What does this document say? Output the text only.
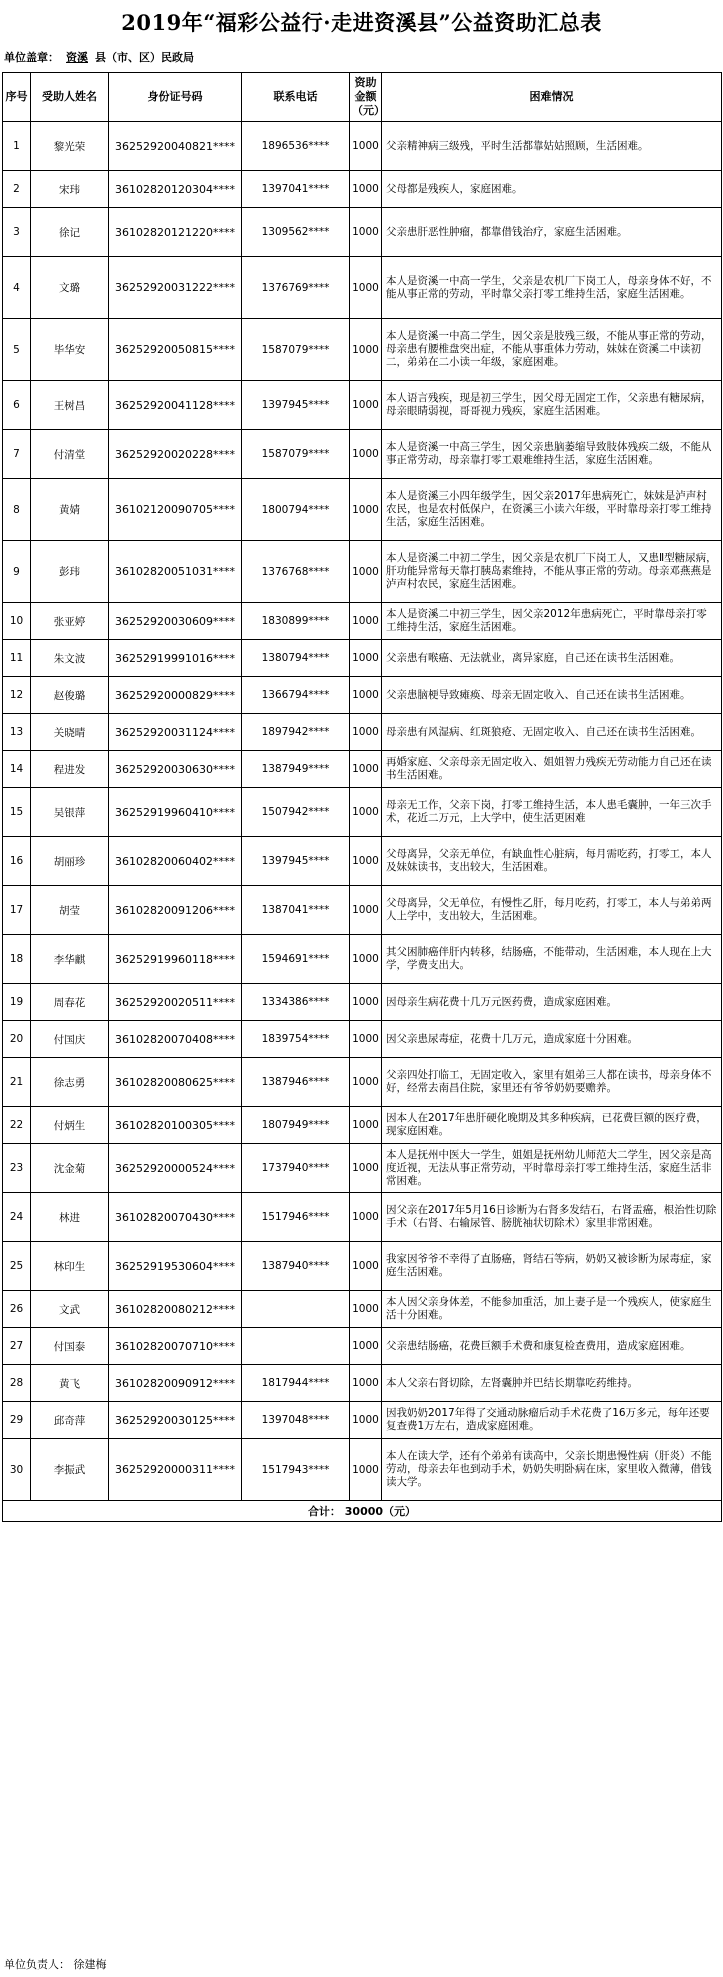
2019年“福彩公益行·走进资溪县”公益资助汇总表
单位盖章： 资溪 县（市、区）民政局
序号	受助人姓名	身份证号码	联系电话	资助金额（元）	困难情况
1	黎光荣	36252920040821****	1896536****	1000	父亲精神病三级残，平时生活都靠姑姑照顾，生活困难。
2	宋玮	36102820120304****	1397041****	1000	父母都是残疾人，家庭困难。
3	徐记	36102820121220****	1309562****	1000	父亲患肝恶性肿瘤，都靠借钱治疗，家庭生活困难。
4	文璐	36252920031222****	1376769****	1000	本人是资溪一中高一学生，父亲是农机厂下岗工人，母亲身体不好，不能从事正常的劳动，平时靠父亲打零工维持生活，家庭生活困难。
5	毕华安	36252920050815****	1587079****	1000	本人是资溪一中高二学生，因父亲是肢残三级，不能从事正常的劳动，母亲患有腰椎盘突出症，不能从事重体力劳动，妹妹在资溪二中读初二，弟弟在二小读一年级，家庭困难。
6	王树昌	36252920041128****	1397945****	1000	本人语言残疾，现是初三学生，因父母无固定工作，父亲患有糖尿病，母亲眼睛弱视，哥哥视力残疾，家庭生活困难。
7	付清堂	36252920020228****	1587079****	1000	本人是资溪一中高三学生，因父亲患脑萎缩导致肢体残疾二级，不能从事正常劳动，母亲靠打零工艰难维持生活，家庭生活困难。
8	黄婧	36102120090705****	1800794****	1000	本人是资溪三小四年级学生，因父亲2017年患病死亡，妹妹是泸声村农民，也是农村低保户，在资溪三小读六年级，平时靠母亲打零工维持生活，家庭生活困难。
9	彭玮	36102820051031****	1376768****	1000	本人是资溪二中初二学生，因父亲是农机厂下岗工人，又患Ⅱ型糖尿病，肝功能异常每天靠打胰岛素维持，不能从事正常的劳动。母亲邓燕燕是泸声村农民，家庭生活困难。
10	张亚婷	36252920030609****	1830899****	1000	本人是资溪二中初三学生，因父亲2012年患病死亡，平时靠母亲打零工维持生活，家庭生活困难。
11	朱文波	36252919991016****	1380794****	1000	父亲患有喉癌、无法就业，离异家庭，自己还在读书生活困难。
12	赵俊璐	36252920000829****	1366794****	1000	父亲患脑梗导致瘫痪、母亲无固定收入、自己还在读书生活困难。
13	关晓晴	36252920031124****	1897942****	1000	母亲患有风湿病、红斑狼疮、无固定收入、自己还在读书生活困难。
14	程进发	36252920030630****	1387949****	1000	再婚家庭、父亲母亲无固定收入、姐姐智力残疾无劳动能力自己还在读书生活困难。
15	吴银萍	36252919960410****	1507942****	1000	母亲无工作，父亲下岗，打零工维持生活，本人患毛囊肿，一年三次手术，花近二万元，上大学中，使生活更困难
16	胡丽珍	36102820060402****	1397945****	1000	父母离异，父亲无单位，有缺血性心脏病，每月需吃药，打零工，本人及妹妹读书，支出较大，生活困难。
17	胡莹	36102820091206****	1387041****	1000	父母离异，父无单位，有慢性乙肝，每月吃药，打零工，本人与弟弟两人上学中，支出较大，生活困难。
18	李华麒	36252919960118****	1594691****	1000	其父困肺癌伴肝内转移，结肠癌，不能带动，生活困难，本人现在上大学，学费支出大。
19	周春花	36252920020511****	1334386****	1000	因母亲生病花费十几万元医药费，造成家庭困难。
20	付国庆	36102820070408****	1839754****	1000	因父亲患尿毒症，花费十几万元，造成家庭十分困难。
21	徐志勇	36102820080625****	1387946****	1000	父亲四处打临工，无固定收入，家里有姐弟三人都在读书，母亲身体不好，经常去南昌住院，家里还有爷爷奶奶要赡养。
22	付炳生	36102820100305****	1807949****	1000	因本人在2017年患肝硬化晚期及其多种疾病，已花费巨额的医疗费，现家庭困难。
23	沈金菊	36252920000524****	1737940****	1000	本人是抚州中医大一学生，姐姐是抚州幼儿师范大二学生，因父亲是高度近视，无法从事正常劳动，平时靠母亲打零工维持生活，家庭生活非常困难。
24	林进	36102820070430****	1517946****	1000	因父亲在2017年5月16日诊断为右肾多发结石，右肾盂癌，根治性切除手术（右肾、右输尿管、膀胱袖状切除术）家里非常困难。
25	林印生	36252919530604****	1387940****	1000	我家因爷爷不幸得了直肠癌，肾结石等病，奶奶又被诊断为尿毒症，家庭生活困难。
26	文武	36102820080212****		1000	本人因父亲身体差，不能参加重活，加上妻子是一个残疾人，使家庭生活十分困难。
27	付国泰	36102820070710****		1000	父亲患结肠癌，花费巨额手术费和康复检查费用，造成家庭困难。
28	黄飞	36102820090912****	1817944****	1000	本人父亲右肾切除，左肾囊肿并巴结长期靠吃药维持。
29	邱奇萍	36252920030125****	1397048****	1000	因我奶奶2017年得了交通动脉瘤后动手术花费了16万多元，每年还要复查费1万左右，造成家庭困难。
30	李振武	36252920000311****	1517943****	1000	本人在读大学，还有个弟弟有读高中，父亲长期患慢性病（肝炎）不能劳动，母亲去年也到动手术，奶奶失明卧病在床，家里收入微薄，借钱读大学。
合计： 30000（元）					
单位负责人： 徐建梅
